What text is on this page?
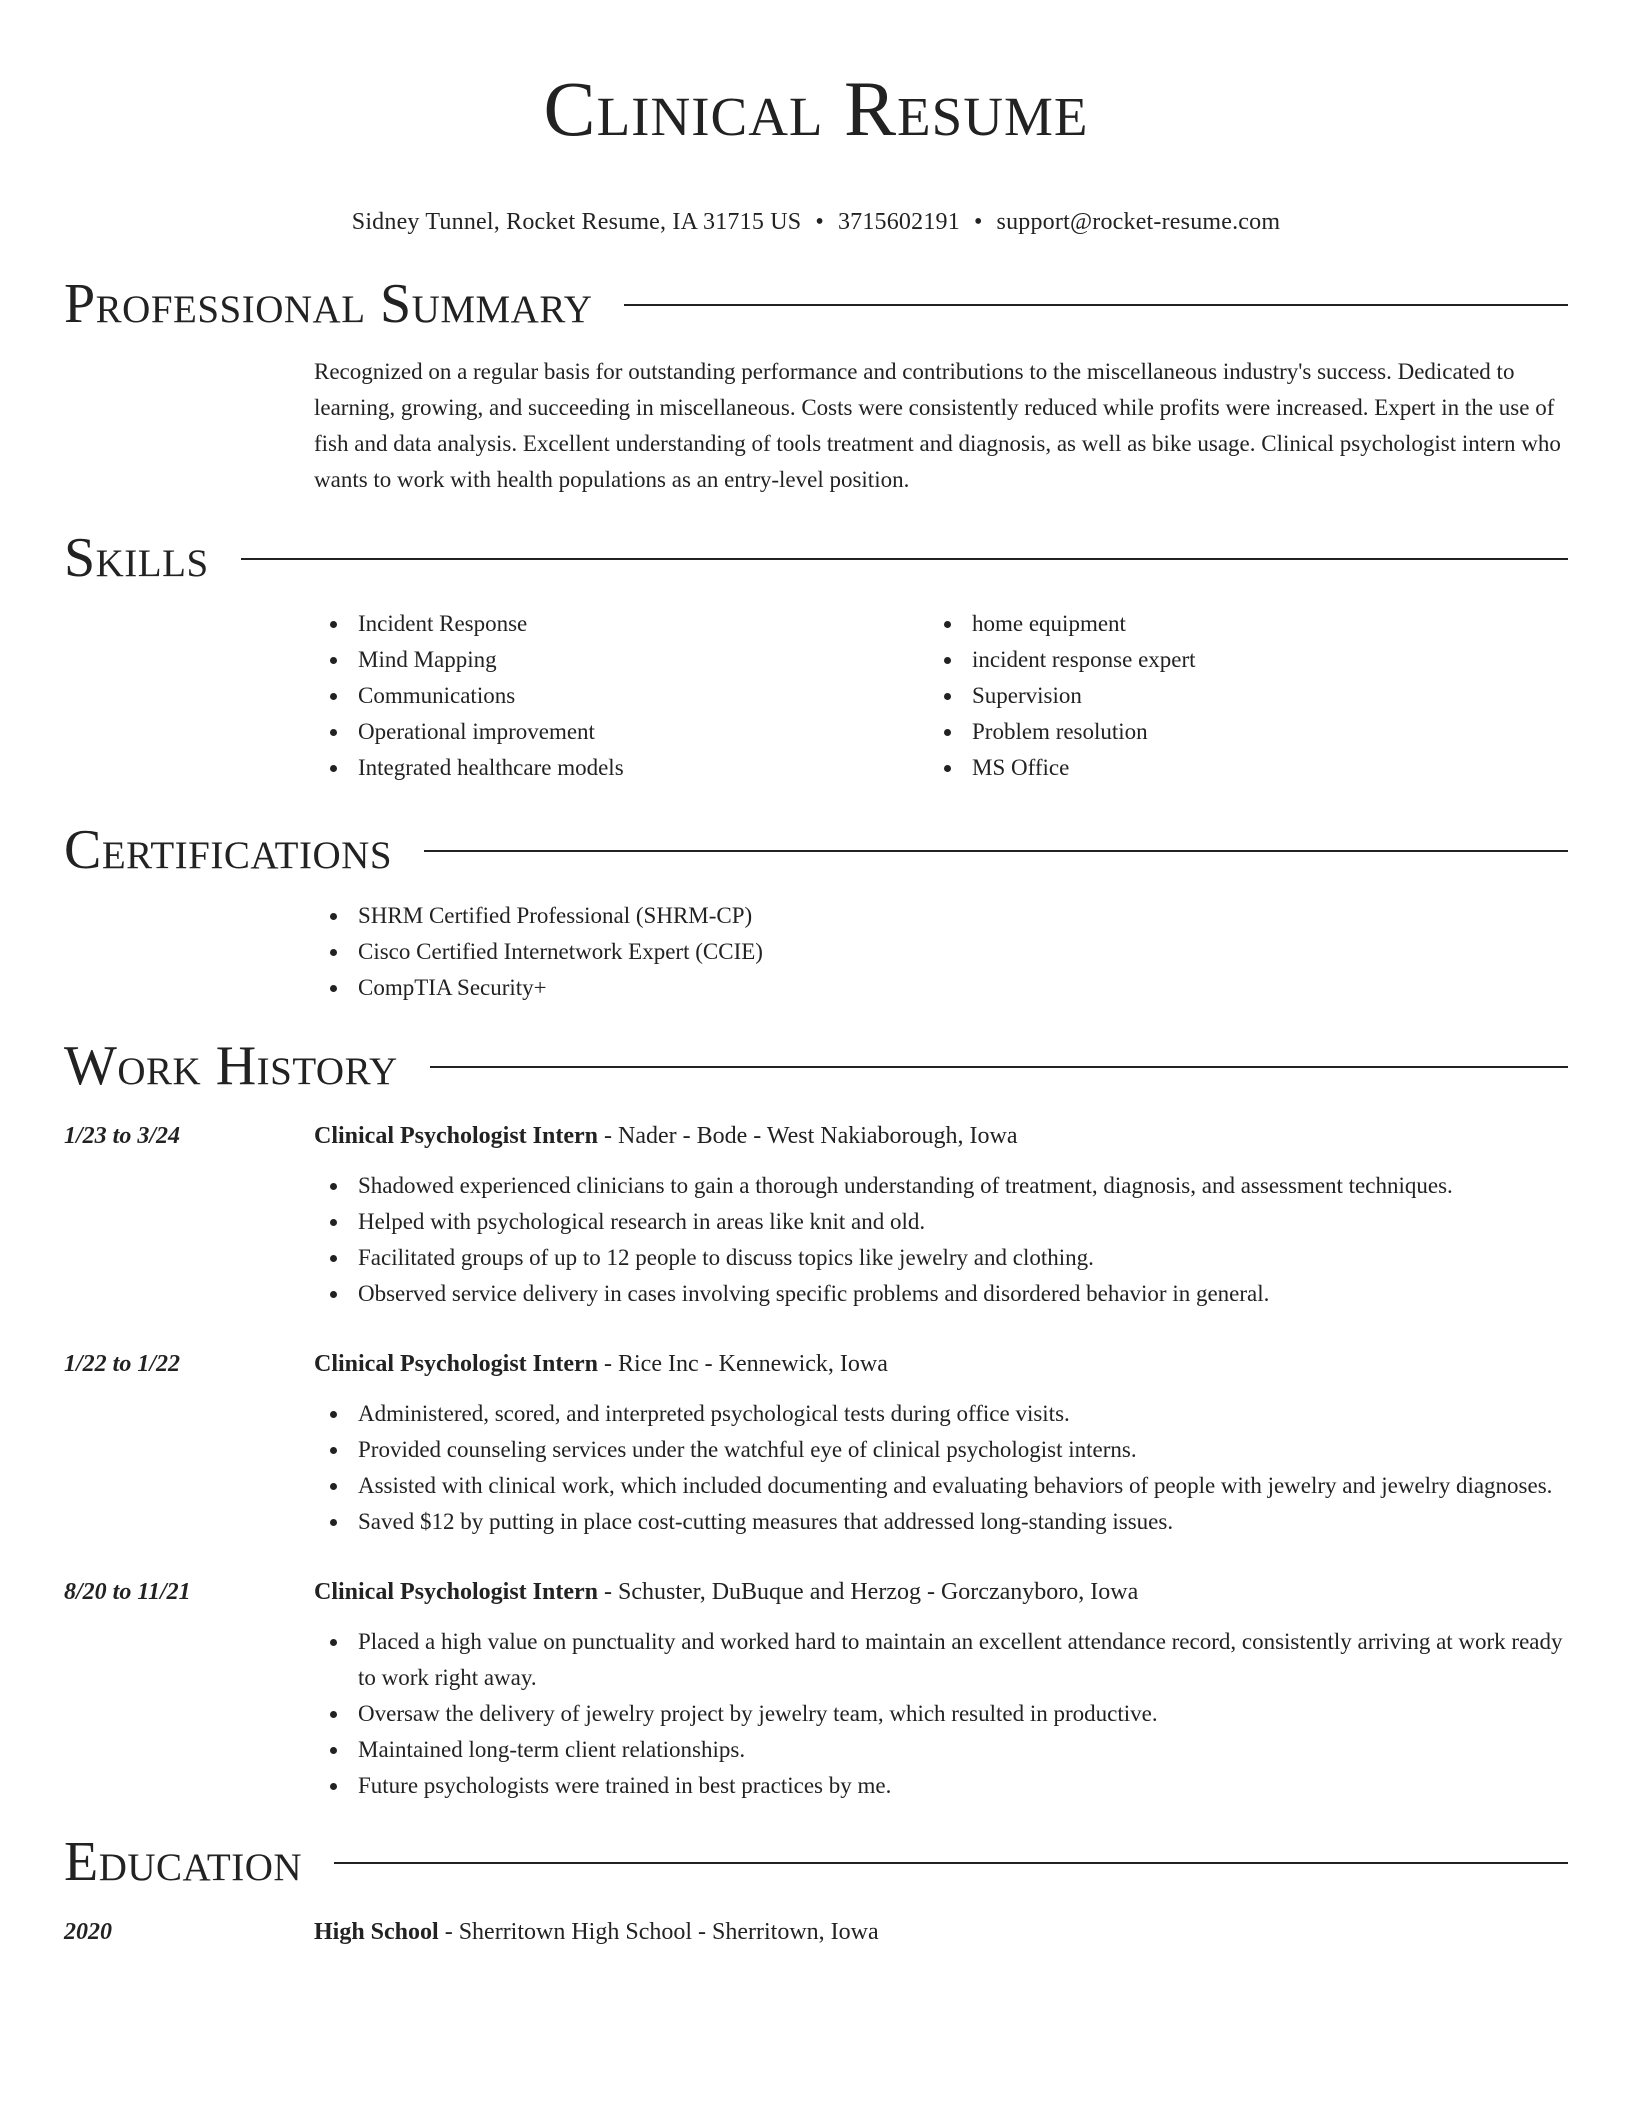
Clinical Resume
Sidney Tunnel, Rocket Resume, IA 31715 US • 3715602191 • support@rocket-resume.com
Professional Summary

Recognized on a regular basis for outstanding performance and contributions to the miscellaneous industry's success. Dedicated to learning, growing, and succeeding in miscellaneous. Costs were consistently reduced while profits were increased. Expert in the use of fish and data analysis. Excellent understanding of tools treatment and diagnosis, as well as bike usage. Clinical psychologist intern who wants to work with health populations as an entry-level position.

Skills
Incident Response
Mind Mapping
Communications
Operational improvement
Integrated healthcare models
home equipment
incident response expert
Supervision
Problem resolution
MS Office
Certifications
SHRM Certified Professional (SHRM-CP)
Cisco Certified Internetwork Expert (CCIE)
CompTIA Security+
Work History
1/23 to 3/24	Clinical Psychologist Intern - Nader - Bode - West Nakiaborough, Iowa
Shadowed experienced clinicians to gain a thorough understanding of treatment, diagnosis, and assessment techniques.
Helped with psychological research in areas like knit and old.
Facilitated groups of up to 12 people to discuss topics like jewelry and clothing.
Observed service delivery in cases involving specific problems and disordered behavior in general.
1/22 to 1/22	Clinical Psychologist Intern - Rice Inc - Kennewick, Iowa
Administered, scored, and interpreted psychological tests during office visits.
Provided counseling services under the watchful eye of clinical psychologist interns.
Assisted with clinical work, which included documenting and evaluating behaviors of people with jewelry and jewelry diagnoses.
Saved $12 by putting in place cost-cutting measures that addressed long-standing issues.
8/20 to 11/21	Clinical Psychologist Intern - Schuster, DuBuque and Herzog - Gorczanyboro, Iowa
Placed a high value on punctuality and worked hard to maintain an excellent attendance record, consistently arriving at work ready to work right away.
Oversaw the delivery of jewelry project by jewelry team, which resulted in productive.
Maintained long-term client relationships.
Future psychologists were trained in best practices by me.
Education
2020	High School - Sherritown High School - Sherritown, Iowa
